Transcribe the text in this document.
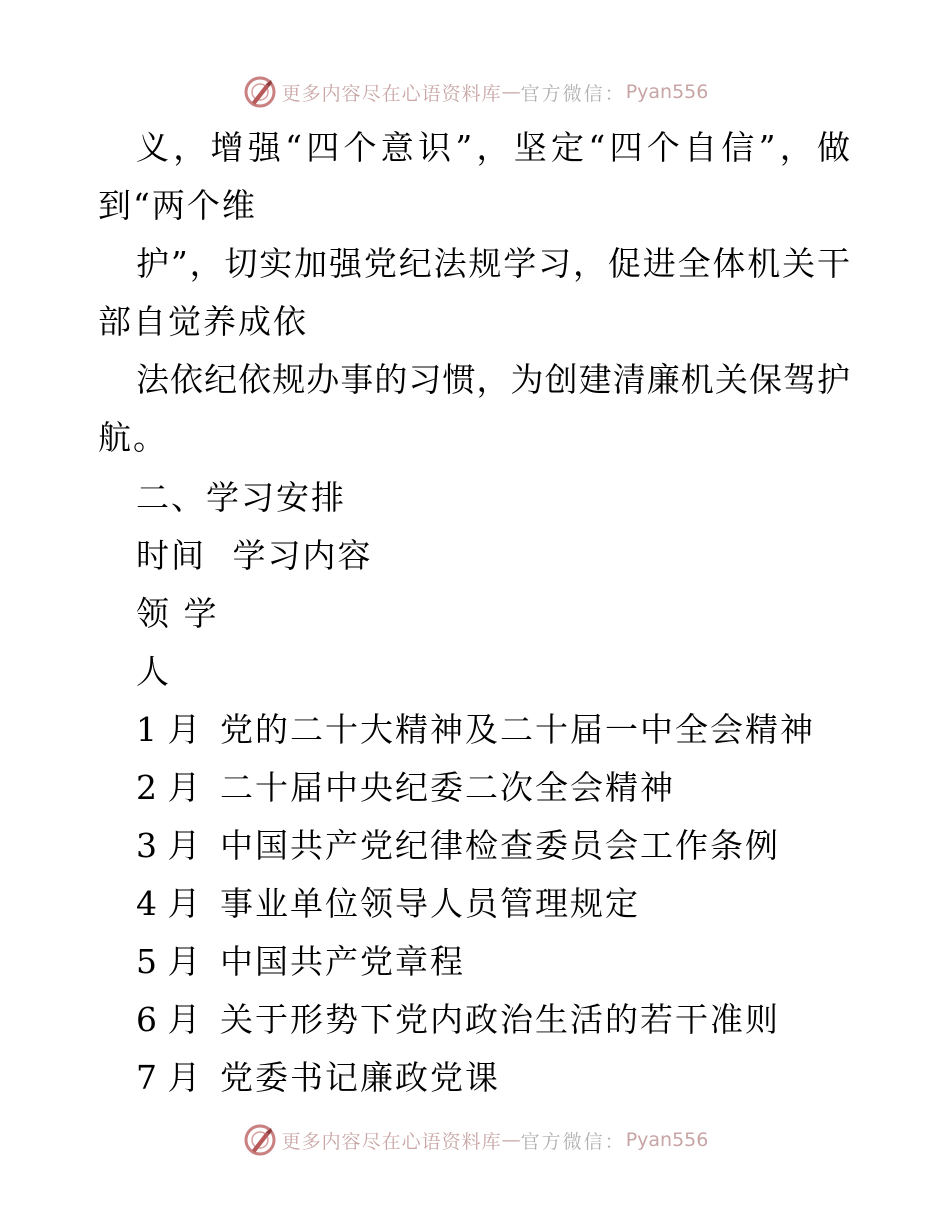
更多内容尽在心语资料库 — 官方微信： Pyan556
义，增强“四个意识”，坚定“四个自信”，做
到“两个维
护”，切实加强党纪法规学习，促进全体机关干
部自觉养成依
法依纪依规办事的习惯，为创建清廉机关保驾护
航。
二、学习安排
时间 学习内容
领 学
人
1 月 党的二十大精神及二十届一中全会精神
2 月 二十届中央纪委二次全会精神
3 月 中国共产党纪律检查委员会工作条例
4 月 事业单位领导人员管理规定
5 月 中国共产党章程
6 月 关于形势下党内政治生活的若干准则
7 月 党委书记廉政党课
更多内容尽在心语资料库 — 官方微信： Pyan556
